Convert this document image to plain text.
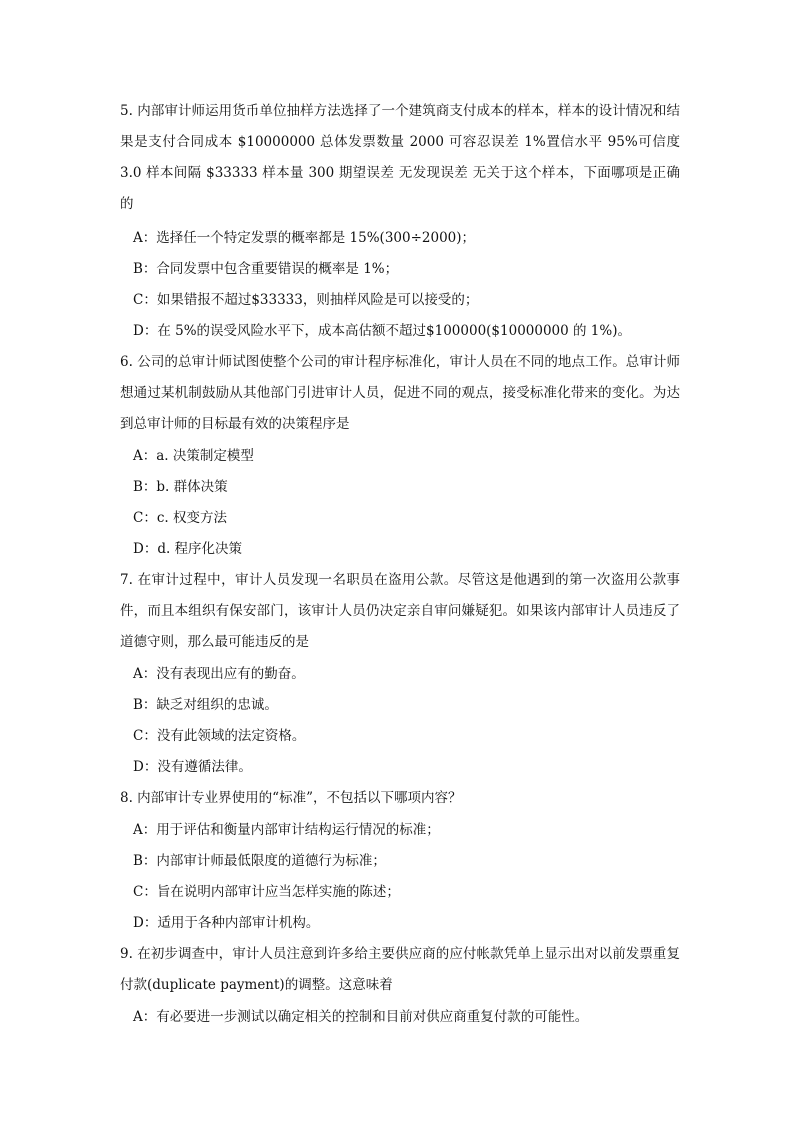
5. 内部审计师运用货币单位抽样方法选择了一个建筑商支付成本的样本，样本的设计情况和结果是支付合同成本 $10000000 总体发票数量 2000 可容忍误差 1%置信水平 95%可信度 3.0 样本间隔 $33333 样本量 300 期望误差 无发现误差 无关于这个样本，下面哪项是正确的

A：选择任一个特定发票的概率都是 15%(300÷2000)；

B：合同发票中包含重要错误的概率是 1%；

C：如果错报不超过$33333，则抽样风险是可以接受的；

D：在 5%的误受风险水平下，成本高估额不超过$100000($10000000 的 1%)。

6. 公司的总审计师试图使整个公司的审计程序标准化，审计人员在不同的地点工作。总审计师想通过某机制鼓励从其他部门引进审计人员，促进不同的观点，接受标准化带来的变化。为达到总审计师的目标最有效的决策程序是

A：a. 决策制定模型

B：b. 群体决策

C：c. 权变方法

D：d. 程序化决策

7. 在审计过程中，审计人员发现一名职员在盗用公款。尽管这是他遇到的第一次盗用公款事件，而且本组织有保安部门，该审计人员仍决定亲自审问嫌疑犯。如果该内部审计人员违反了道德守则，那么最可能违反的是

A：没有表现出应有的勤奋。

B：缺乏对组织的忠诚。

C：没有此领域的法定资格。

D：没有遵循法律。

8. 内部审计专业界使用的“标准”，不包括以下哪项内容？

A：用于评估和衡量内部审计结构运行情况的标准；

B：内部审计师最低限度的道德行为标准；

C：旨在说明内部审计应当怎样实施的陈述；

D：适用于各种内部审计机构。

9. 在初步调查中，审计人员注意到许多给主要供应商的应付帐款凭单上显示出对以前发票重复付款(duplicate payment)的调整。这意味着

A：有必要进一步测试以确定相关的控制和目前对供应商重复付款的可能性。
